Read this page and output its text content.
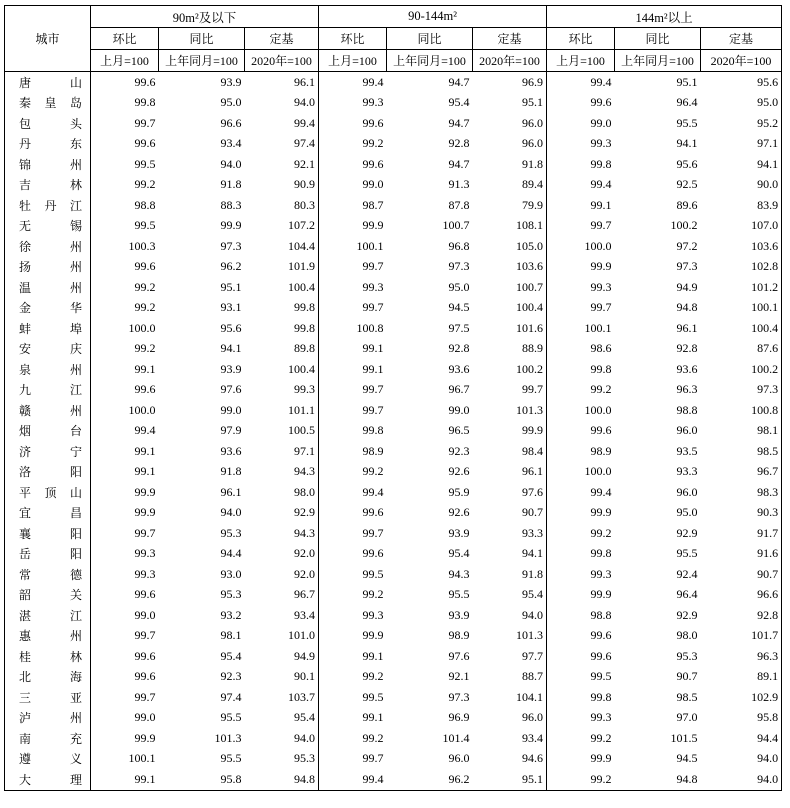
城市	90m²及以下			90-144m²			144m²以上		
	环比	同比	定基	环比	同比	定基	环比	同比	定基
	上月=100	上年同月=100	2020年=100	上月=100	上年同月=100	2020年=100	上月=100	上年同月=100	2020年=100
唐山	99.6	93.9	96.1	99.4	94.7	96.9	99.4	95.1	95.6
秦皇岛	99.8	95.0	94.0	99.3	95.4	95.1	99.6	96.4	95.0
包头	99.7	96.6	99.4	99.6	94.7	96.0	99.0	95.5	95.2
丹东	99.6	93.4	97.4	99.2	92.8	96.0	99.3	94.1	97.1
锦州	99.5	94.0	92.1	99.6	94.7	91.8	99.8	95.6	94.1
吉林	99.2	91.8	90.9	99.0	91.3	89.4	99.4	92.5	90.0
牡丹江	98.8	88.3	80.3	98.7	87.8	79.9	99.1	89.6	83.9
无锡	99.5	99.9	107.2	99.9	100.7	108.1	99.7	100.2	107.0
徐州	100.3	97.3	104.4	100.1	96.8	105.0	100.0	97.2	103.6
扬州	99.6	96.2	101.9	99.7	97.3	103.6	99.9	97.3	102.8
温州	99.2	95.1	100.4	99.3	95.0	100.7	99.3	94.9	101.2
金华	99.2	93.1	99.8	99.7	94.5	100.4	99.7	94.8	100.1
蚌埠	100.0	95.6	99.8	100.8	97.5	101.6	100.1	96.1	100.4
安庆	99.2	94.1	89.8	99.1	92.8	88.9	98.6	92.8	87.6
泉州	99.1	93.9	100.4	99.1	93.6	100.2	99.8	93.6	100.2
九江	99.6	97.6	99.3	99.7	96.7	99.7	99.2	96.3	97.3
赣州	100.0	99.0	101.1	99.7	99.0	101.3	100.0	98.8	100.8
烟台	99.4	97.9	100.5	99.8	96.5	99.9	99.6	96.0	98.1
济宁	99.1	93.6	97.1	98.9	92.3	98.4	98.9	93.5	98.5
洛阳	99.1	91.8	94.3	99.2	92.6	96.1	100.0	93.3	96.7
平顶山	99.9	96.1	98.0	99.4	95.9	97.6	99.4	96.0	98.3
宜昌	99.9	94.0	92.9	99.6	92.6	90.7	99.9	95.0	90.3
襄阳	99.7	95.3	94.3	99.7	93.9	93.3	99.2	92.9	91.7
岳阳	99.3	94.4	92.0	99.6	95.4	94.1	99.8	95.5	91.6
常德	99.3	93.0	92.0	99.5	94.3	91.8	99.3	92.4	90.7
韶关	99.6	95.3	96.7	99.2	95.5	95.4	99.9	96.4	96.6
湛江	99.0	93.2	93.4	99.3	93.9	94.0	98.8	92.9	92.8
惠州	99.7	98.1	101.0	99.9	98.9	101.3	99.6	98.0	101.7
桂林	99.6	95.4	94.9	99.1	97.6	97.7	99.6	95.3	96.3
北海	99.6	92.3	90.1	99.2	92.1	88.7	99.5	90.7	89.1
三亚	99.7	97.4	103.7	99.5	97.3	104.1	99.8	98.5	102.9
泸州	99.0	95.5	95.4	99.1	96.9	96.0	99.3	97.0	95.8
南充	99.9	101.3	94.0	99.2	101.4	93.4	99.2	101.5	94.4
遵义	100.1	95.5	95.3	99.7	96.0	94.6	99.9	94.5	94.0
大理	99.1	95.8	94.8	99.4	96.2	95.1	99.2	94.8	94.0
